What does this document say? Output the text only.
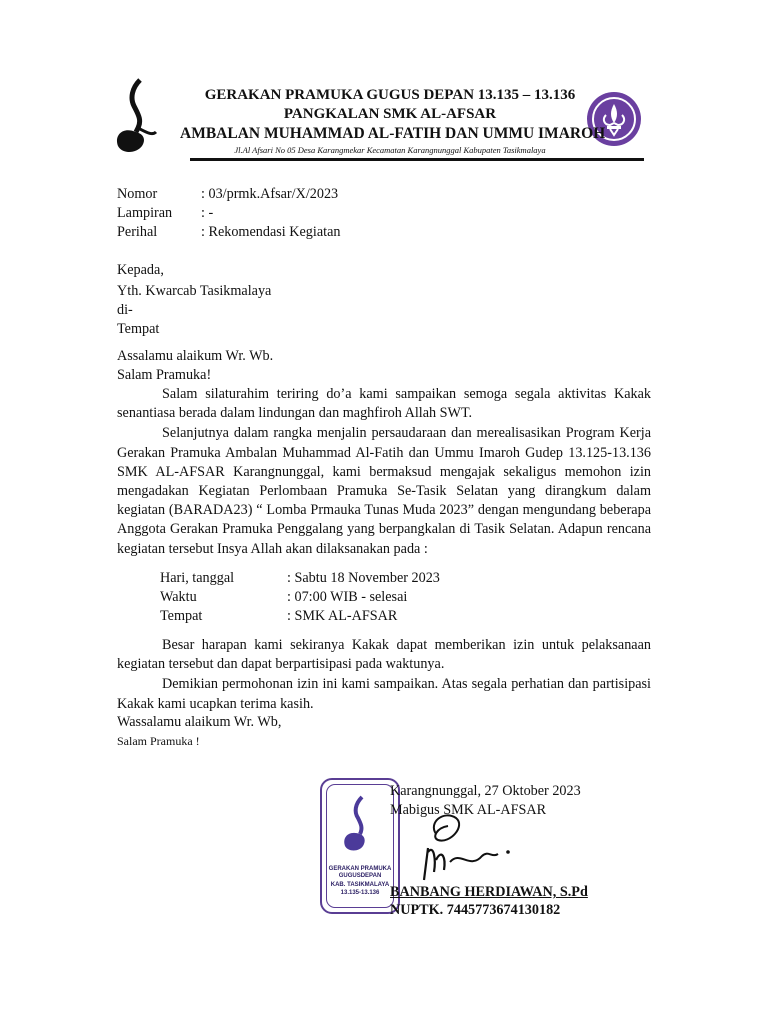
GERAKAN PRAMUKA GUGUS DEPAN 13.135 – 13.136
PANGKALAN SMK AL-AFSAR
AMBALAN MUHAMMAD AL-FATIH DAN UMMU IMAROH
Jl.Al Afsari No 05 Desa Karangmekar Kecamatan Karangnunggal Kabupaten Tasikmalaya
Nomor	: 03/prmk.Afsar/X/2023
Lampiran : -
Perihal	: Rekomendasi Kegiatan
Kepada,
Yth. Kwarcab Tasikmalaya
di-
Tempat
Assalamu alaikum Wr. Wb.
Salam Pramuka!

Salam silaturahim teriring do’a kami sampaikan semoga segala aktivitas Kakak senantiasa berada dalam lindungan dan maghfiroh Allah SWT.

Selanjutnya dalam rangka menjalin persaudaraan dan merealisasikan Program Kerja Gerakan Pramuka Ambalan Muhammad Al-Fatih dan Ummu Imaroh Gudep 13.125-13.136 SMK AL-AFSAR Karangnunggal, kami bermaksud mengajak sekaligus memohon izin mengadakan Kegiatan Perlombaan Pramuka Se-Tasik Selatan yang dirangkum dalam kegiatan (BARADA23) “ Lomba Prmauka Tunas Muda 2023” dengan mengundang beberapa Anggota Gerakan Pramuka Penggalang yang berpangkalan di Tasik Selatan. Adapun rencana kegiatan tersebut Insya Allah akan dilaksanakan pada :

Hari, tanggal	: Sabtu 18 November 2023
Waktu	: 07:00 WIB - selesai
Tempat	: SMK AL-AFSAR

Besar harapan kami sekiranya Kakak dapat memberikan izin untuk pelaksanaan kegiatan tersebut dan dapat berpartisipasi pada waktunya.

Demikian permohonan izin ini kami sampaikan. Atas segala perhatian dan partisipasi Kakak kami ucapkan terima kasih.

Wassalamu alaikum Wr. Wb,
Salam Pramuka !
GERAKAN PRAMUKA
GUGUSDEPAN
KAB. TASIKMALAYA
13.135-13.136
Karangnunggal, 27 Oktober 2023
Mabigus SMK AL-AFSAR
BANBANG HERDIAWAN, S.Pd
NUPTK. 7445773674130182
